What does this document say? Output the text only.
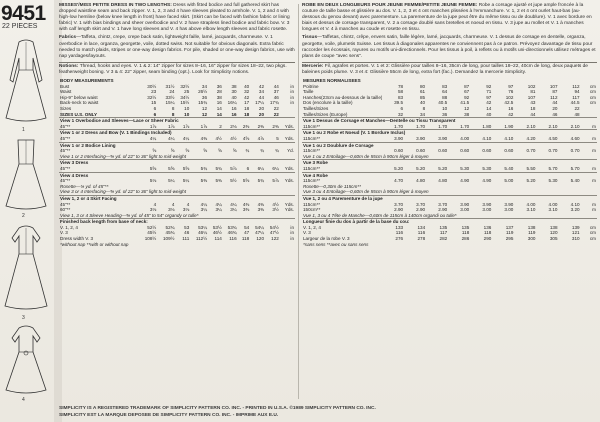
9451
22 PIECES
1
2
3
4

MISSES'/MISS PETITE DRESS IN TWO LENGTHS: Dress with fitted bodice and full gathered skirt has dropped waistline seam and back zipper. V. 1, 2, 3 and 4 have sleeves pleated to armhole. V. 1, 2 and 4 with high-low hemline (below knee length in front) have faced skirt. (Skirt can be faced with fashion fabric or lining fabric) V. 1 with bias bindings and sheer overbodice and V. 2 have strapless lined bodice and fabric bow. V. 3 with calf length skirt and V. 1 have long sleeves and V. 4 has above elbow length sleeves and fabric rosette.

Fabrics—Taffeta, chintz, crepe, crepe back satin, lightweight faille, lamé, jacquards, charmeuse. V. 1 overbodice in lace, organza, georgette, voile, dotted swiss. Not suitable for obvious diagonals. Extra fabric needed to match plaids, stripes or one-way design fabrics. For pile, shaded or one-way design fabrics, use with nap yardages/layouts.

Notions: Thread, hooks and eyes. V. 1 & 2: 14" zipper for sizes 8–16, 16" zipper for sizes 18–22, two pkgs. featherweight boning. V 3 & 4: 22" zipper, seam binding (opt.). Look for Simplicity notions.

BODY MEASUREMENTS										
Bust	30½	31½	32½	34	36	38	40	42	44	in
Waist	23	24	25	26½	28	30	32	34	37	in
Hip-9" below waist	32½	33½	34½	36	38	40	42	44	46	in
Back-neck to waist	15	15¼	15½	15¾	16	16¼	17	17¼	17¾	in
Sizes	6	8	10	12	14	16	18	20	22	
SIZES U.S. ONLY	6	8	10	12	14	16	18	20	22	
View 1 Overbodice and Sleeves—Lace or Sheer Fabric										
45"**	1⅞	1⅞	1⅞	1⅞	2	2⅛	2⅜	2⅜	2⅜	Yds.
View 1 or 2 Dress and Bow (V. 1 Bindings Included)										
45"**	4¼	4¼	4¼	4⅜	4½	4½	4⅝	4⅞	5	Yds.
View 1 or 2 Bodice Lining										
45"**	⅝	⅝	⅝	⅝	⅝	⅝	¾	¾	¾	Yd.
View 1 or 2 Interfacing—⅝ yd. of 22" to 36" light to mid-weight										
View 3 Dress										
45"**	5⅝	5⅝	5⅝	5¾	5¾	5⅞	6	6¼	6¼	Yds.
View 4 Dress										
45"**	5⅛	5¼	5¼	5⅜	5⅜	5½	5⅝	5¾	5⅞	Yds.
Rosette—⅜ yd. of 45"**										
View 3 or 4 Interfacing—⅝ yd. of 22" to 36" light to mid-weight										
View 1, 2 or 4 Skirt Facing										
45"**	4	4	4	4¼	4¼	4¼	4⅜	4⅜	4½	Yds.
60"**	3⅛	3⅛	3⅛	3¼	3¼	3¼	3⅜	3⅜	3½	Yds.
View 1, 3 or 4 Sleeve Heading—⅝ yd. of 45" to 54" organdy or tulle*										
Finished back length from base of neck:										
V. 1, 2, 4	52½	52¾	53	53¼	53½	53¾	54	54¼	54½	in
V. 3	45½	45¾	46	46¼	46½	46¾	47	47¼	47½	in
Dress width V. 3	108½	109½	111	112½	114	116	118	120	122	in
*without nap **with or without nap										

ROBE EN DEUX LONGUEURS POUR JEUNE FEMME/PETITE JEUNE FEMME: Robe a corsage ajusté et jupe ample froncée à la couture de taille basse et glissière au dos. V. 1, 2, 3 et 4 ont manches plissées à l'emmanchure. V. 1, 2 et 4 ont ourlet haut-bas (au-dessous du genou devant) avec parementure. La parementure de la jupe peut être du même tissu ou de doublure). V. 1 avec bordure en biais et dessus de corsage transparent, V. 2 a corsage doublé sans bretelles et noeud en tissu. V. 3 jupe au mollet et V. 1 à manches longues et V. 4 à manches au coude et rosette en tissu.

Tissus—Taffetas, chintz, crêpe, envers satin, faille légère, lamé, jacquards, charmeuse. V. 1 dessus de corsage en dentelle, organza, georgette, voile, plumetis Suisse. Les tissus à diagonales apparentes ne conviennent pas à ce patron. Prévoyez davantage de tissu pour raccorder les écossais, rayures ou motifs uni-directionnels. Pour les tissus à poil, à reflets ou à motifs uni-directionnels utilisez métrages et plans de coupe "avec sens".

Mercerie: Fil, agrafes et portes. V. 1 et 2: Glissière pour tailles 8–16, 35cm de long, pour tailles 18–22, 40cm de long, deux paquets de baleines poids plume. V. 3 et 4: Glissière 55cm de long, extra fort (fac.). Demandez la mercerie Simplicity.

MESURES NORMALISEES										
Poitrine	78	80	83	87	92	97	102	107	112	cm
Taille	58	61	64	67	71	76	81	87	94	cm
Hanches(23cm au-dessous de la taille)	83	85	88	92	97	102	107	112	117	cm
Dos (encolure à la taille)	39.5	40	40.5	41.5	42	42.5	43	44	44.5	cm
Tailles/Sizes	6	8	10	12	14	16	18	20	22	
Tailles/Sizes (Europe)	32	34	36	38	40	42	44	46	48	
Vue 1 Dessus de Corsage et Manches—Dentelle ou Tissu Transparent										
115cm**	1.70	1.70	1.70	1.70	1.80	1.90	2.10	2.10	2.10	m
Vue 1 ou 2 Robe et Noeud (V. 1 Bordure Inclus)										
115cm**	3.90	3.90	3.90	4.00	4.10	4.10	4.20	4.50	4.60	m
Vue 1 ou 2 Doublure de Corsage										
115cm**	0.60	0.60	0.60	0.60	0.60	0.60	0.70	0.70	0.70	m
Vue 1 ou 2 Entoilage—0,60m de 55cm à 90cm léger à moyen										
Vue 3 Robe										
115cm**	5.20	5.20	5.20	5.30	5.30	5.40	5.50	5.70	5.70	m
Vue 4 Robe										
115cm**	4.70	4.80	4.80	4.90	4.90	5.00	5.20	5.30	5.40	m
Rosette—0,30m de 115cm**										
Vue 3 ou 4 Entoilage—0,60m de 55cm à 90cm léger à moyen										
Vue 1, 2 ou 4 Parementure de la jupe										
115cm**	3.70	3.70	3.70	3.90	3.90	3.90	4.00	4.00	4.10	m
150cm**	2.90	2.90	2.90	3.00	3.00	3.00	3.10	3.10	3.20	m
Vue 1, 3 ou 4 Tête de Manche—0,60m de 115cm à 140cm organdi ou tulle*										
Longueur finie du dos à partir de la base du cou:										
V. 1, 2, 4	133	134	135	135	136	137	138	138	139	cm
V. 3	116	116	117	118	118	119	119	120	121	cm
Largeur de la robe V. 3	276	278	282	286	290	295	300	305	310	cm
*sans sens **avec ou sans sens										
SIMPLICITY IS A REGISTERED TRADEMARK OF SIMPLICITY PATTERN CO. INC. - PRINTED IN U.S.A. ©1989 SIMPLICITY PATTERN CO. INC.
SIMPLICITY EST LA MARQUE DEPOSEE DE SIMPLICITY PATTERN CO. INC. - IMPRIME AUX E.U.
